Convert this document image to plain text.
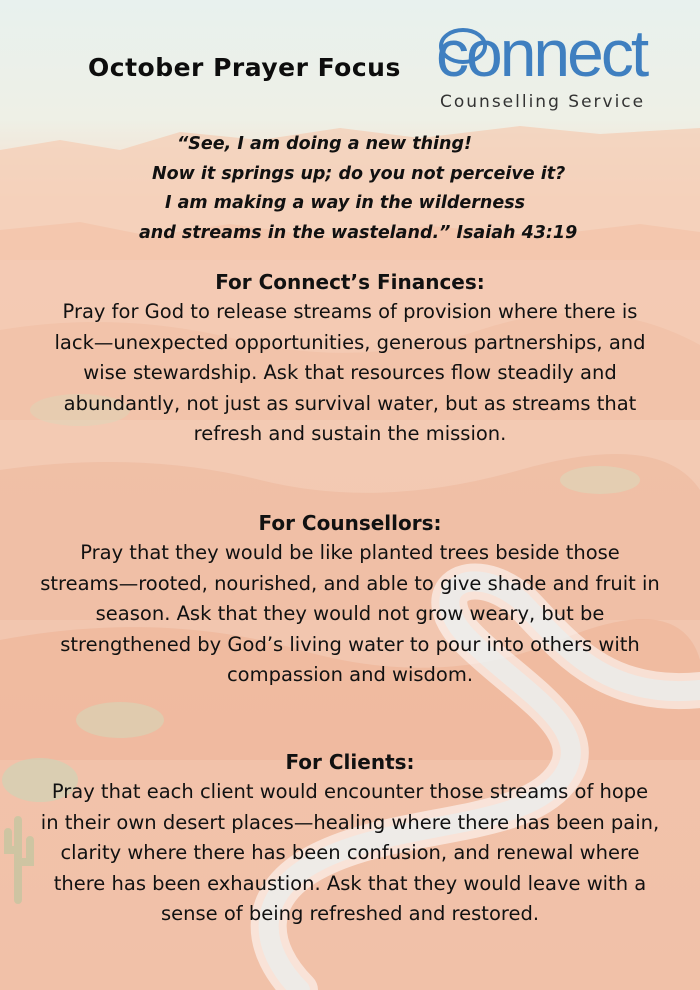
October Prayer Focus connect
Counselling Service
“See, I am doing a new thing!
Now it springs up; do you not perceive it?
I am making a way in the wilderness
and streams in the wasteland.” Isaiah 43:19
For Connect’s Finances:

Pray for God to release streams of provision where there is lack—unexpected opportunities, generous partnerships, and wise stewardship. Ask that resources flow steadily and abundantly, not just as survival water, but as streams that refresh and sustain the mission.

For Counsellors:

Pray that they would be like planted trees beside those streams—rooted, nourished, and able to give shade and fruit in season. Ask that they would not grow weary, but be strengthened by God’s living water to pour into others with compassion and wisdom.

For Clients:

Pray that each client would encounter those streams of hope in their own desert places—healing where there has been pain, clarity where there has been confusion, and renewal where there has been exhaustion. Ask that they would leave with a sense of being refreshed and restored.
